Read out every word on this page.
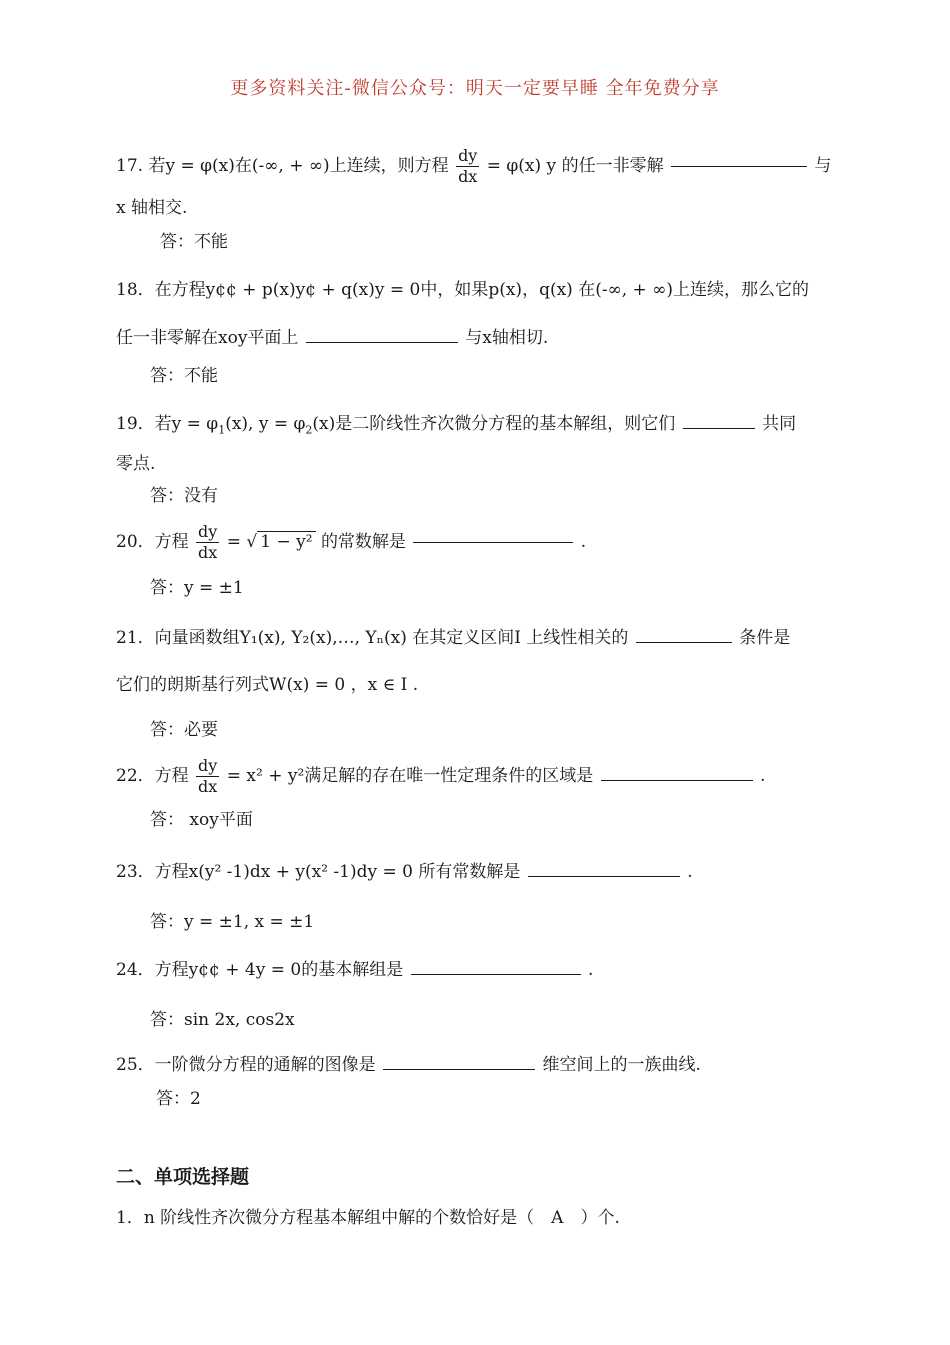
更多资料关注-微信公众号：明天一定要早睡 全年免费分享
17. 若y = φ(x)在(-∞, + ∞)上连续，则方程 $\frac{dy}{dx} = \varphi(x)$ y 的任一非零解	与
x 轴相交.
答：不能
18．在方程y¢¢ + p(x)y¢ + q(x)y = 0中，如果p(x)，q(x) 在(-∞, + ∞)上连续，那么它的
任一非零解在xoy平面上	与x轴相切.
答：不能
19．若$y = \varphi_1(x)$, $y = \varphi_2(x)$是二阶线性齐次微分方程的基本解组，则它们	共同
零点.
答：没有
20．方程 $\frac{dy}{dx}$ = √ 1 − y² 的常数解是	.
答：y = ±1
21．向量函数组Y₁(x), Y₂(x),…, Yₙ(x) 在其定义区间I 上线性相关的	条件是
它们的朗斯基行列式W(x) = 0 ，x ∈ I .
答：必要
22．方程 $\frac{dy}{dx} = x^2 + y^2$满足解的存在唯一性定理条件的区域是	.
答： xoy平面
23．方程x(y² -1)dx + y(x² -1)dy = 0 所有常数解是	.
答：y = ±1, x = ±1
24．方程y¢¢ + 4y = 0的基本解组是	.
答：sin 2x, cos2x
25．一阶微分方程的通解的图像是	维空间上的一族曲线.
答：2
二、单项选择题
1．n 阶线性齐次微分方程基本解组中解的个数恰好是（　A　）个.
